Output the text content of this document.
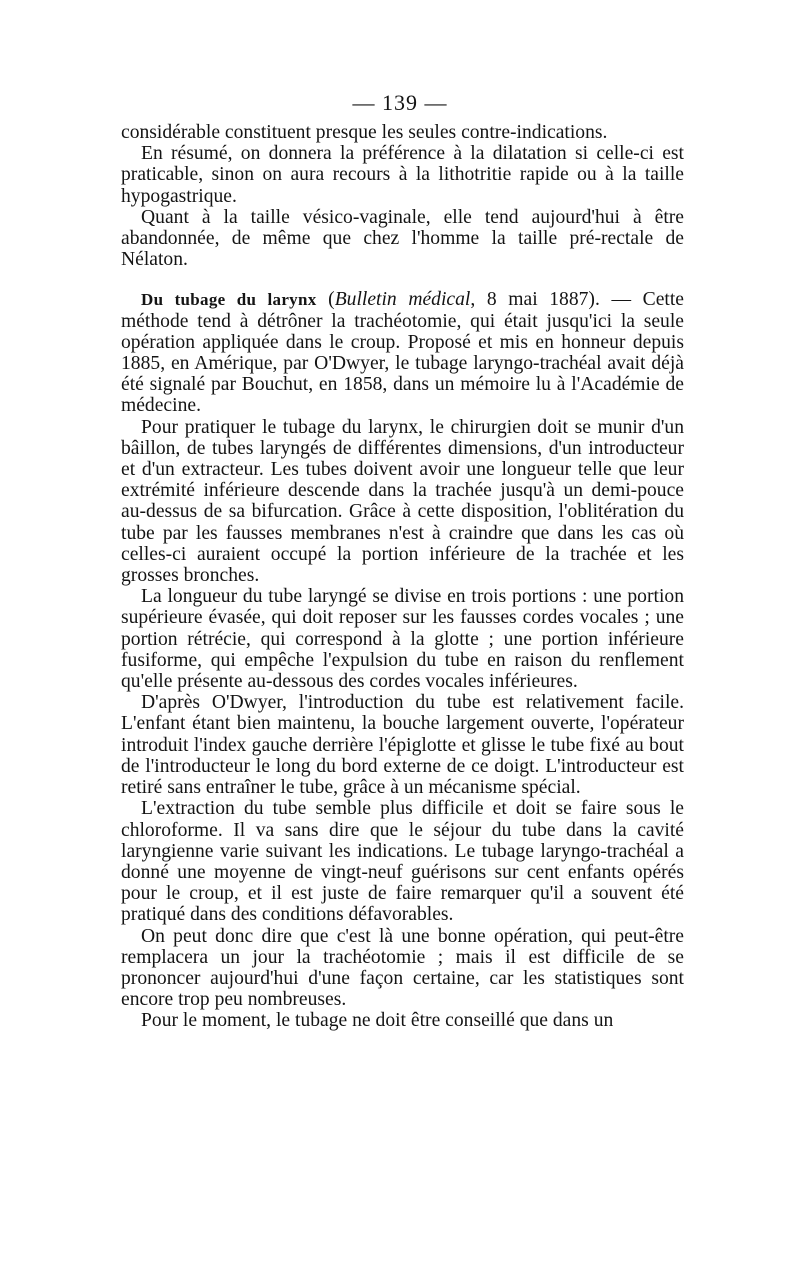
— 139 —

considérable constituent presque les seules contre-indications.

En résumé, on donnera la préférence à la dilatation si celle-ci est praticable, sinon on aura recours à la lithotritie rapide ou à la taille hypogastrique.

Quant à la taille vésico-vaginale, elle tend aujourd'hui à être abandonnée, de même que chez l'homme la taille pré-rectale de Nélaton.

Du tubage du larynx (Bulletin médical, 8 mai 1887). — Cette méthode tend à détrôner la trachéotomie, qui était jusqu'ici la seule opération appliquée dans le croup. Proposé et mis en honneur depuis 1885, en Amérique, par O'Dwyer, le tubage laryngo-trachéal avait déjà été signalé par Bouchut, en 1858, dans un mémoire lu à l'Académie de médecine.

Pour pratiquer le tubage du larynx, le chirurgien doit se munir d'un bâillon, de tubes laryngés de différentes dimensions, d'un introducteur et d'un extracteur. Les tubes doivent avoir une longueur telle que leur extrémité inférieure descende dans la trachée jusqu'à un demi-pouce au-dessus de sa bifurcation. Grâce à cette disposition, l'oblitération du tube par les fausses membranes n'est à craindre que dans les cas où celles-ci auraient occupé la portion inférieure de la trachée et les grosses bronches.

La longueur du tube laryngé se divise en trois portions : une portion supérieure évasée, qui doit reposer sur les fausses cordes vocales ; une portion rétrécie, qui correspond à la glotte ; une portion inférieure fusiforme, qui empêche l'expulsion du tube en raison du renflement qu'elle présente au-dessous des cordes vocales inférieures.

D'après O'Dwyer, l'introduction du tube est relativement facile. L'enfant étant bien maintenu, la bouche largement ouverte, l'opérateur introduit l'index gauche derrière l'épiglotte et glisse le tube fixé au bout de l'introducteur le long du bord externe de ce doigt. L'introducteur est retiré sans entraîner le tube, grâce à un mécanisme spécial.

L'extraction du tube semble plus difficile et doit se faire sous le chloroforme. Il va sans dire que le séjour du tube dans la cavité laryngienne varie suivant les indications. Le tubage laryngo-trachéal a donné une moyenne de vingt-neuf guérisons sur cent enfants opérés pour le croup, et il est juste de faire remarquer qu'il a souvent été pratiqué dans des conditions défavorables.

On peut donc dire que c'est là une bonne opération, qui peut-être remplacera un jour la trachéotomie ; mais il est difficile de se prononcer aujourd'hui d'une façon certaine, car les statistiques sont encore trop peu nombreuses.

Pour le moment, le tubage ne doit être conseillé que dans un
